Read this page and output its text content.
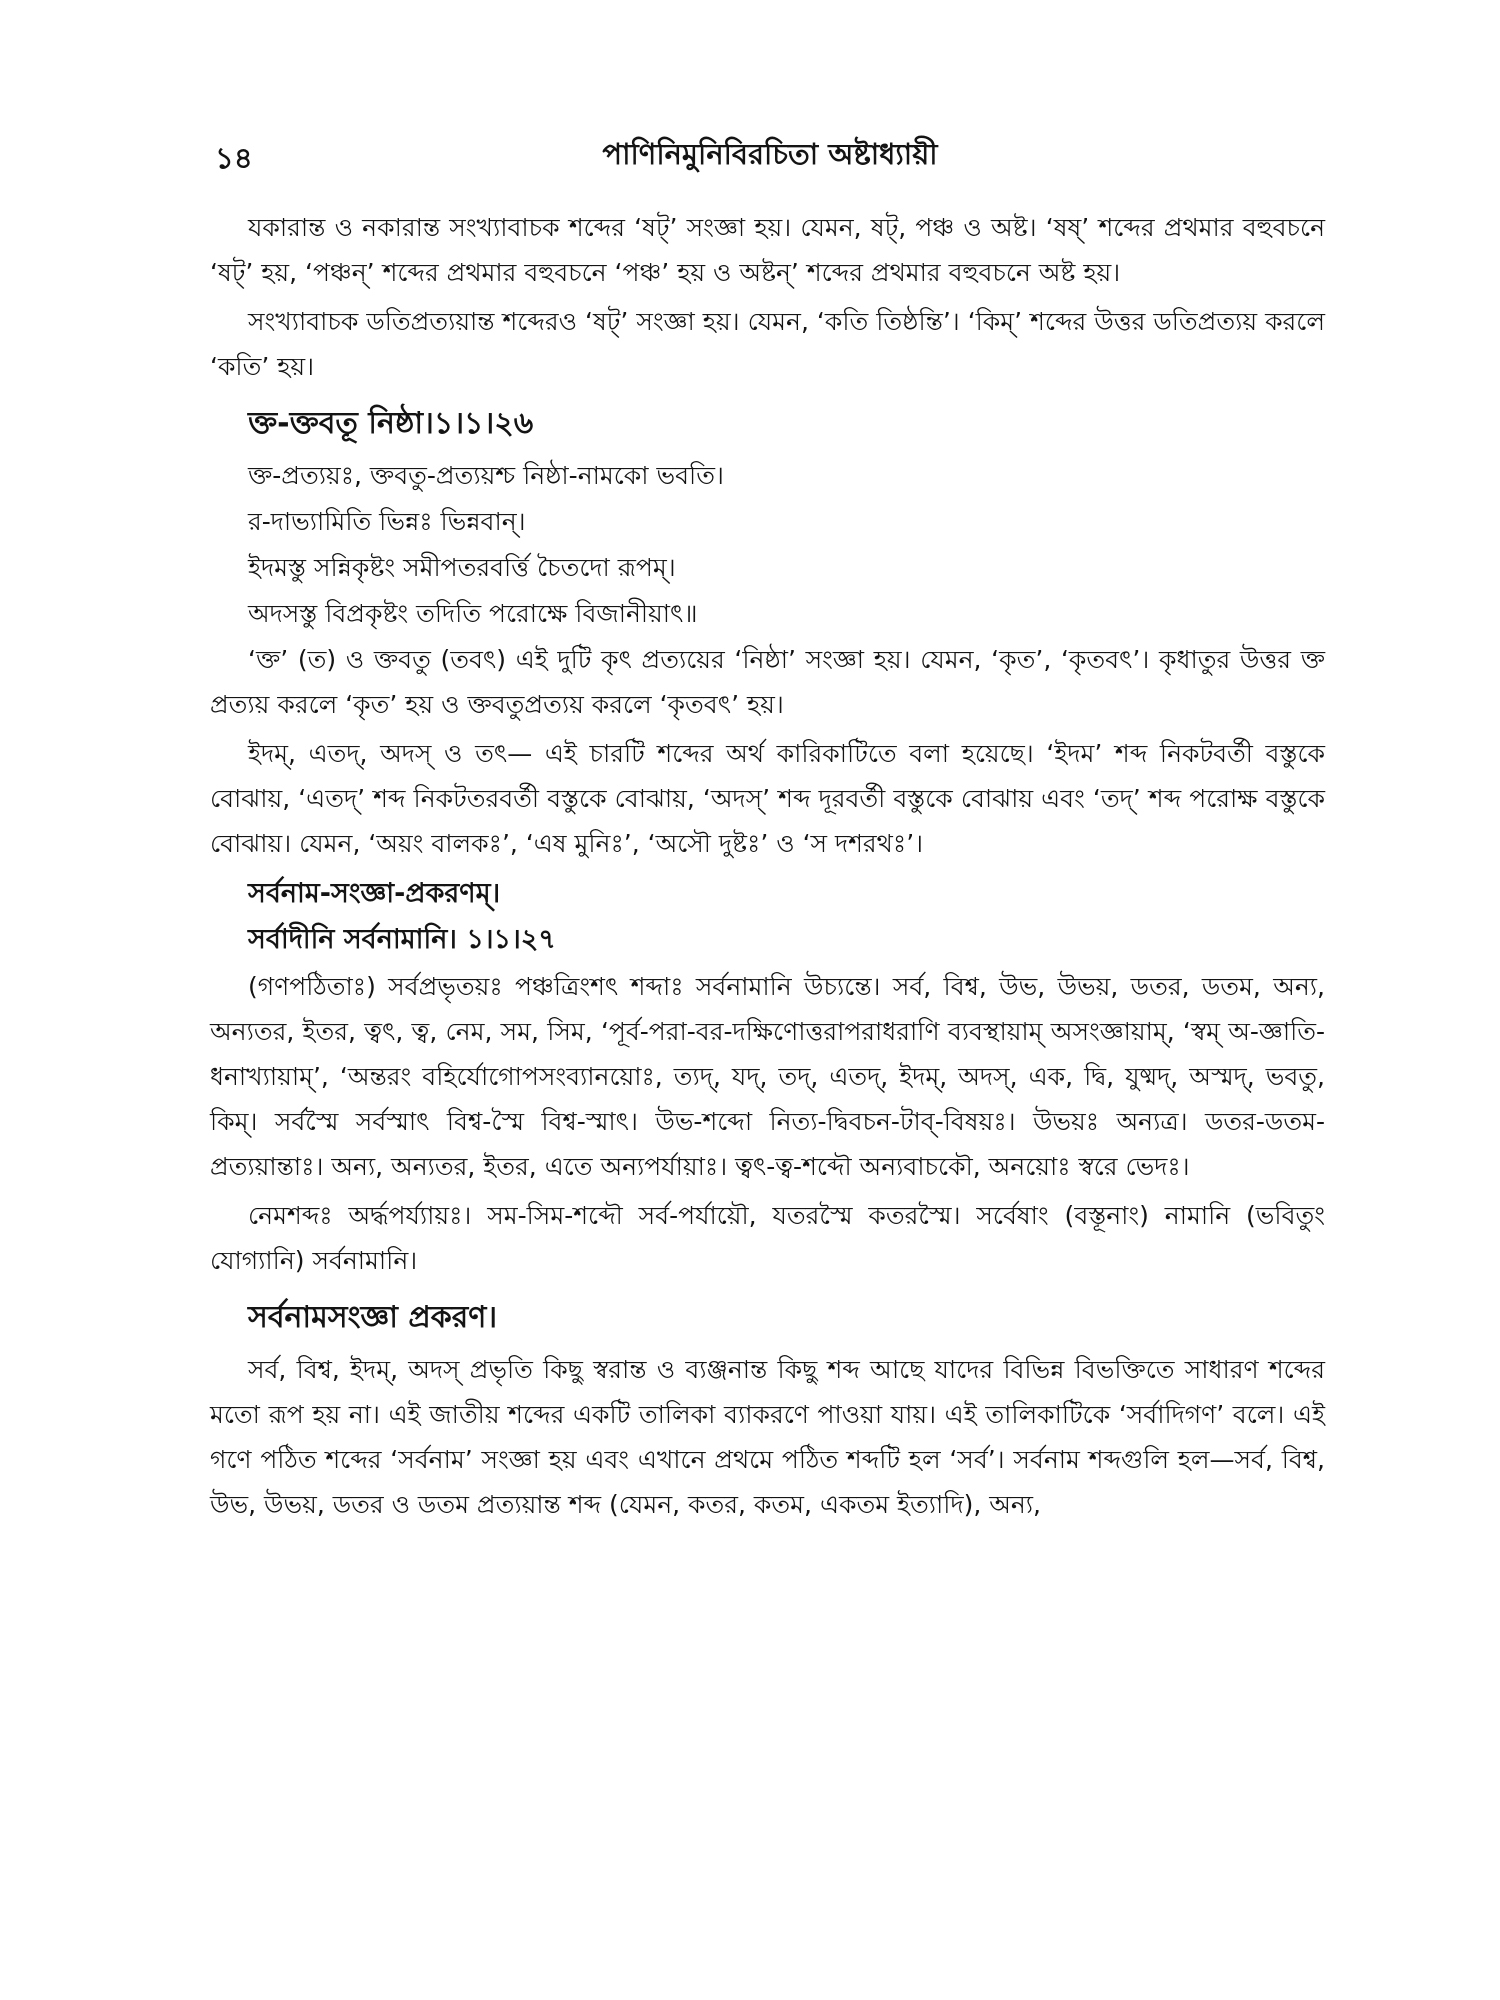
১৪	পাণিনিমুনিবিরচিতা অষ্টাধ্যায়ী

যকারান্ত ও নকারান্ত সংখ্যাবাচক শব্দের ‘ষট্’ সংজ্ঞা হয়। যেমন, ষট্, পঞ্চ ও অষ্ট। ‘ষষ্’ শব্দের প্রথমার বহুবচনে ‘ষট্’ হয়, ‘পঞ্চন্’ শব্দের প্রথমার বহুবচনে ‘পঞ্চ’ হয় ও অষ্টন্’ শব্দের প্রথমার বহুবচনে অষ্ট হয়।

সংখ্যাবাচক ডতিপ্রত্যয়ান্ত শব্দেরও ‘ষট্’ সংজ্ঞা হয়। যেমন, ‘কতি তিষ্ঠন্তি’। ‘কিম্’ শব্দের উত্তর ডতিপ্রত্যয় করলে ‘কতি’ হয়।

ক্ত-ক্তবতূ নিষ্ঠা।১।১।২৬
ক্ত-প্রত্যয়ঃ, ক্তবতু-প্রত্যয়শ্চ নিষ্ঠা-নামকো ভবতি।
র-দাভ্যামিতি ভিন্নঃ ভিন্নবান্।
ইদমস্তু সন্নিকৃষ্টং সমীপতরবর্ত্তি চৈতদো রূপম্।
অদসস্তু বিপ্রকৃষ্টং তদিতি পরোক্ষে বিজানীয়াৎ॥

‘ক্ত’ (ত) ও ক্তবতু (তবৎ) এই দুটি কৃৎ প্রত্যয়ের ‘নিষ্ঠা’ সংজ্ঞা হয়। যেমন, ‘কৃত’, ‘কৃতবৎ’। কৃধাতুর উত্তর ক্ত প্রত্যয় করলে ‘কৃত’ হয় ও ক্তবতুপ্রত্যয় করলে ‘কৃতবৎ’ হয়।

ইদম্, এতদ্, অদস্ ও তৎ— এই চারটি শব্দের অর্থ কারিকাটিতে বলা হয়েছে। ‘ইদম’ শব্দ নিকটবর্তী বস্তুকে বোঝায়, ‘এতদ্’ শব্দ নিকটতরবর্তী বস্তুকে বোঝায়, ‘অদস্’ শব্দ দূরবর্তী বস্তুকে বোঝায় এবং ‘তদ্’ শব্দ পরোক্ষ বস্তুকে বোঝায়। যেমন, ‘অয়ং বালকঃ’, ‘এষ মুনিঃ’, ‘অসৌ দুষ্টঃ’ ও ‘স দশরথঃ’।

সর্বনাম-সংজ্ঞা-প্রকরণম্।
সর্বাদীনি সর্বনামানি। ১।১।২৭

(গণপঠিতাঃ) সর্বপ্রভৃতয়ঃ পঞ্চত্রিংশৎ শব্দাঃ সর্বনামানি উচ্যন্তে। সর্ব, বিশ্ব, উভ, উভয়, ডতর, ডতম, অন্য, অন্যতর, ইতর, ত্বৎ, ত্ব, নেম, সম, সিম, ‘পূর্ব-পরা-বর-দক্ষিণোত্তরাপরাধরাণি ব্যবস্থায়াম্ অসংজ্ঞায়াম্, ‘স্বম্ অ-জ্ঞাতি-ধনাখ্যায়াম্’, ‘অন্তরং বহির্যোগোপসংব্যানয়োঃ, ত্যদ্, যদ্, তদ্, এতদ্, ইদম্, অদস্, এক, দ্বি, যুষ্মদ্, অস্মদ্, ভবতু, কিম্। সর্বস্মৈ সর্বস্মাৎ বিশ্ব-স্মৈ বিশ্ব-স্মাৎ। উভ-শব্দো নিত্য-দ্বিবচন-টাব্-বিষয়ঃ। উভয়ঃ অন্যত্র। ডতর-ডতম-প্রত্যয়ান্তাঃ। অন্য, অন্যতর, ইতর, এতে অন্যপর্যায়াঃ। ত্বৎ-ত্ব-শব্দৌ অন্যবাচকৌ, অনয়োঃ স্বরে ভেদঃ।

নেমশব্দঃ অর্দ্ধপর্য্যায়ঃ। সম-সিম-শব্দৌ সর্ব-পর্যায়ৌ, যতরস্মৈ কতরস্মৈ। সর্বেষাং (বস্তূনাং) নামানি (ভবিতুং যোগ্যানি) সর্বনামানি।

সর্বনামসংজ্ঞা প্রকরণ।

সর্ব, বিশ্ব, ইদম্, অদস্ প্রভৃতি কিছু স্বরান্ত ও ব্যঞ্জনান্ত কিছু শব্দ আছে যাদের বিভিন্ন বিভক্তিতে সাধারণ শব্দের মতো রূপ হয় না। এই জাতীয় শব্দের একটি তালিকা ব্যাকরণে পাওয়া যায়। এই তালিকাটিকে ‘সর্বাদিগণ’ বলে। এই গণে পঠিত শব্দের ‘সর্বনাম’ সংজ্ঞা হয় এবং এখানে প্রথমে পঠিত শব্দটি হল ‘সর্ব’। সর্বনাম শব্দগুলি হল—সর্ব, বিশ্ব, উভ, উভয়, ডতর ও ডতম প্রত্যয়ান্ত শব্দ (যেমন, কতর, কতম, একতম ইত্যাদি), অন্য,
